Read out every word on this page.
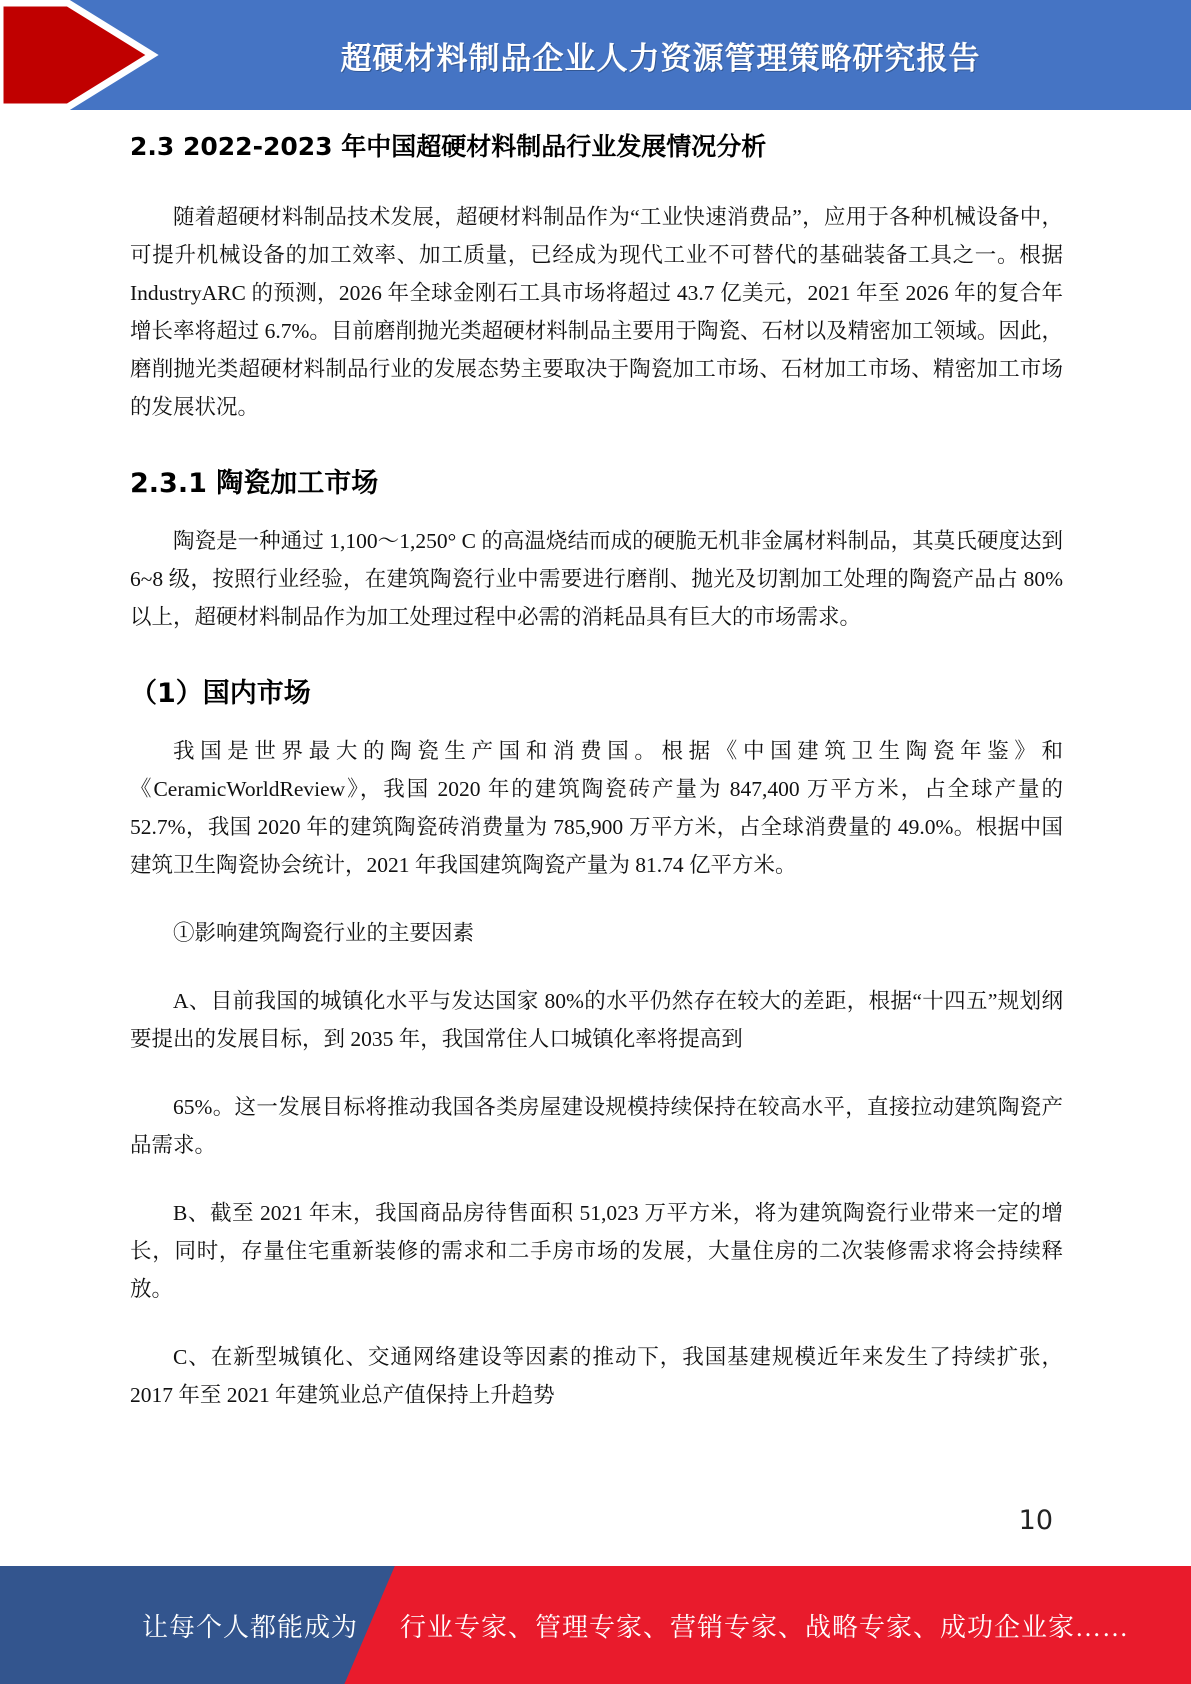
超硬材料制品企业人力资源管理策略研究报告
2.3 2022-2023 年中国超硬材料制品行业发展情况分析

随着超硬材料制品技术发展，超硬材料制品作为“工业快速消费品”，应用于各种机械设备中，可提升机械设备的加工效率、加工质量，已经成为现代工业不可替代的基础装备工具之一。根据 IndustryARC 的预测，2026 年全球金刚石工具市场将超过 43.7 亿美元，2021 年至 2026 年的复合年增长率将超过 6.7%。目前磨削抛光类超硬材料制品主要用于陶瓷、石材以及精密加工领域。因此，磨削抛光类超硬材料制品行业的发展态势主要取决于陶瓷加工市场、石材加工市场、精密加工市场的发展状况。

2.3.1 陶瓷加工市场

陶瓷是一种通过 1,100〜1,250° C 的高温烧结而成的硬脆无机非金属材料制品，其莫氏硬度达到 6~8 级，按照行业经验，在建筑陶瓷行业中需要进行磨削、抛光及切割加工处理的陶瓷产品占 80%以上，超硬材料制品作为加工处理过程中必需的消耗品具有巨大的市场需求。

（1）国内市场

我国是世界最大的陶瓷生产国和消费国。根据《中国建筑卫生陶瓷年鉴》和《CeramicWorldReview》，我国 2020 年的建筑陶瓷砖产量为 847,400 万平方米，占全球产量的 52.7%，我国 2020 年的建筑陶瓷砖消费量为 785,900 万平方米，占全球消费量的 49.0%。根据中国建筑卫生陶瓷协会统计，2021 年我国建筑陶瓷产量为 81.74 亿平方米。

①影响建筑陶瓷行业的主要因素

A、目前我国的城镇化水平与发达国家 80%的水平仍然存在较大的差距，根据“十四五”规划纲要提出的发展目标，到 2035 年，我国常住人口城镇化率将提高到

65%。这一发展目标将推动我国各类房屋建设规模持续保持在较高水平，直接拉动建筑陶瓷产品需求。

B、截至 2021 年末，我国商品房待售面积 51,023 万平方米，将为建筑陶瓷行业带来一定的增长，同时，存量住宅重新装修的需求和二手房市场的发展，大量住房的二次装修需求将会持续释放。

C、在新型城镇化、交通网络建设等因素的推动下，我国基建规模近年来发生了持续扩张，2017 年至 2021 年建筑业总产值保持上升趋势

10
让每个人都能成为 行业专家、管理专家、营销专家、战略专家、成功企业家……
